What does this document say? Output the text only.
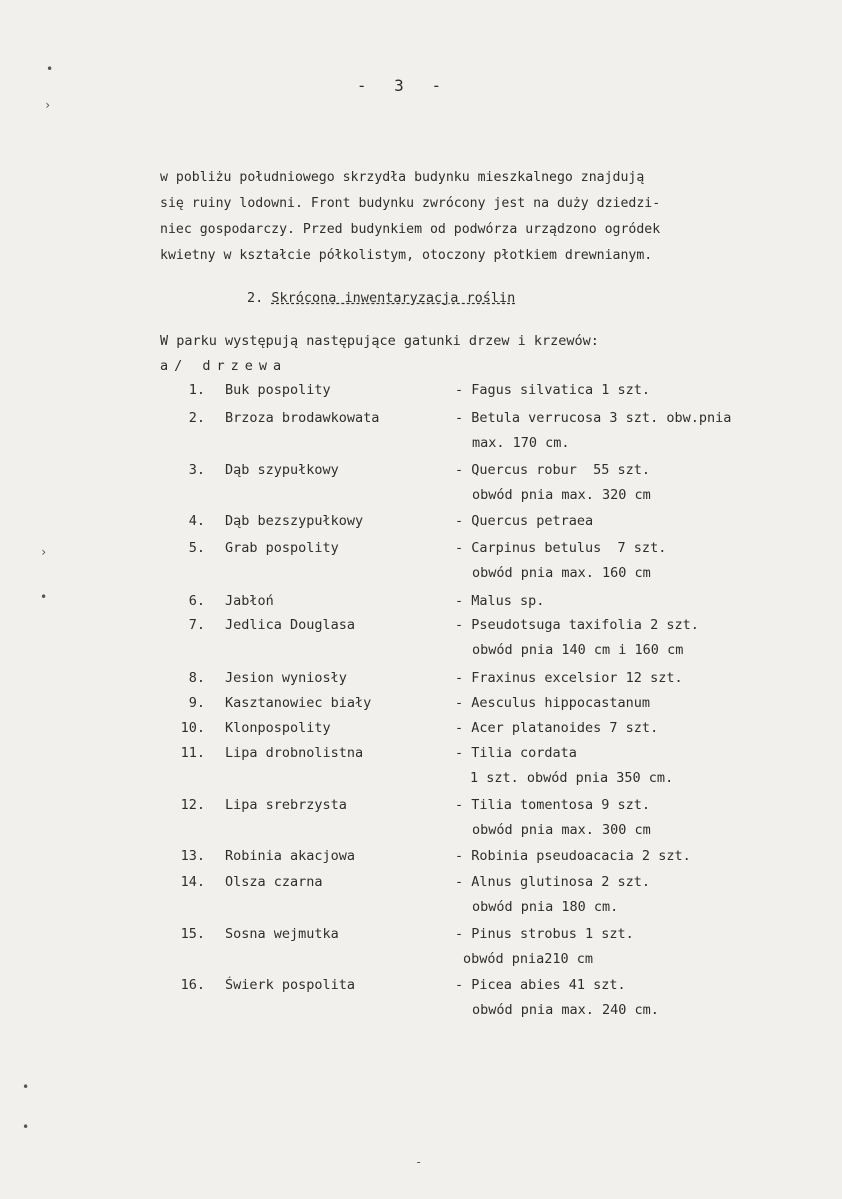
- 3 -
w pobliżu południowego skrzydła budynku mieszkalnego znajdują
się ruiny lodowni. Front budynku zwrócony jest na duży dziedzi-
niec gospodarczy. Przed budynkiem od podwórza urządzono ogródek
kwietny w kształcie półkolistym, otoczony płotkiem drewnianym.
2. Skrócona inwentaryzacja roślin
W parku występują następujące gatunki drzew i krzewów:
a/ drzewa
1. Buk pospolity	- Fagus silvatica 1 szt.
2. Brzoza brodawkowata	- Betula verrucosa 3 szt. obw.pnia
max. 170 cm.
3. Dąb szypułkowy	- Quercus robur  55 szt.
obwód pnia max. 320 cm
4. Dąb bezszypułkowy	- Quercus petraea
5. Grab pospolity	- Carpinus betulus  7 szt.
obwód pnia max. 160 cm
6. Jabłoń	- Malus sp.
7. Jedlica Douglasa	- Pseudotsuga taxifolia 2 szt.
obwód pnia 140 cm i 160 cm
8. Jesion wyniosły	- Fraxinus excelsior 12 szt.
9. Kasztanowiec biały	- Aesculus hippocastanum
10. Klonpospolity	- Acer platanoides 7 szt.
11. Lipa drobnolistna	- Tilia cordata
1 szt. obwód pnia 350 cm.
12. Lipa srebrzysta	- Tilia tomentosa 9 szt.
obwód pnia max. 300 cm
13. Robinia akacjowa	- Robinia pseudoacacia 2 szt.
14. Olsza czarna	- Alnus glutinosa 2 szt.
obwód pnia 180 cm.
15. Sosna wejmutka	- Pinus strobus 1 szt.
obwód pnia210 cm
16. Świerk pospolita	- Picea abies 41 szt.
obwód pnia max. 240 cm.
•
›
›
•
•
•
-
